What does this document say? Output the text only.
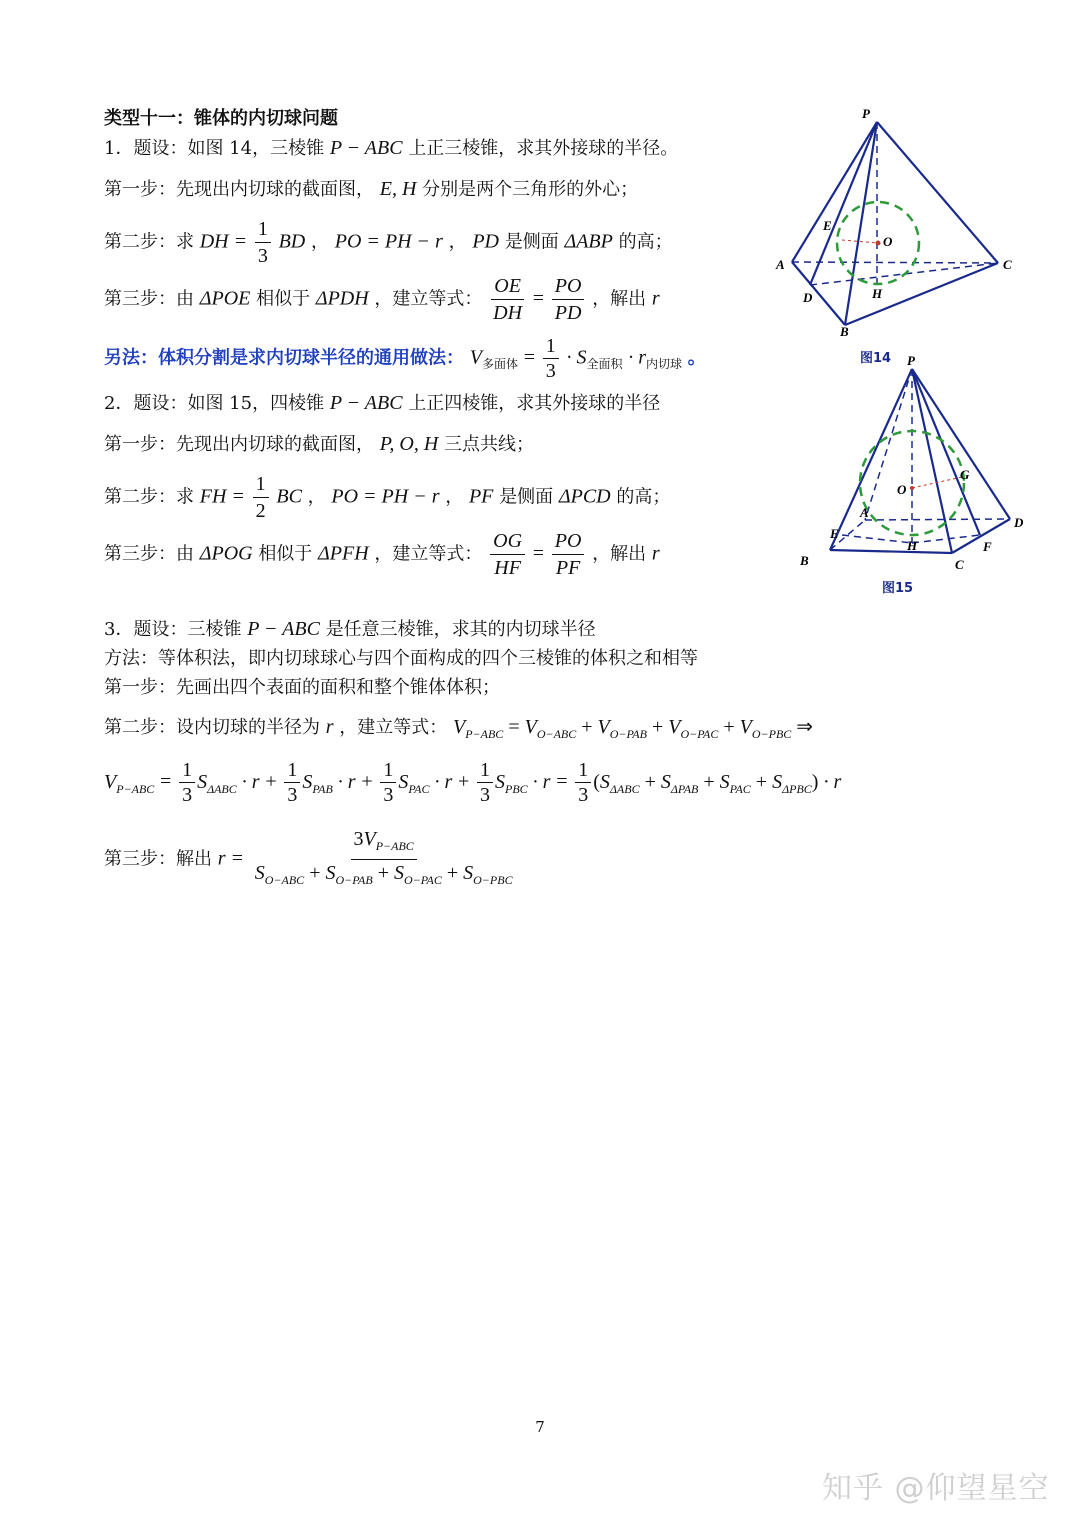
类型十一：锥体的内切球问题
1．题设：如图 14，三棱锥 P − ABC 上正三棱锥，求其外接球的半径。
第一步：先现出内切球的截面图， E, H 分别是两个三角形的外心；
第二步：求 DH = $\frac{1}{3}$ BD ， PO = PH − r ， PD 是侧面 ΔABP 的高；
第三步：由 ΔPOE 相似于 ΔPDH ，建立等式： $\frac{OE}{DH} = \frac{PO}{PD}$ ，解出 r
另法：体积分割是求内切球半径的通用做法： $V_{多面体} = \frac{1}{3} \cdot S_{全面积} \cdot r_{内切球}$ 。
2．题设：如图 15，四棱锥 P − ABC 上正四棱锥，求其外接球的半径
第一步：先现出内切球的截面图， P, O, H 三点共线；
第二步：求 FH = $\frac{1}{2}$ BC ， PO = PH − r ， PF 是侧面 ΔPCD 的高；
第三步：由 ΔPOG 相似于 ΔPFH ，建立等式： $\frac{OG}{HF} = \frac{PO}{PF}$ ，解出 r
3．题设：三棱锥 P − ABC 是任意三棱锥，求其的内切球半径
方法：等体积法，即内切球球心与四个面构成的四个三棱锥的体积之和相等
第一步：先画出四个表面的面积和整个锥体体积；
第二步：设内切球的半径为 r ，建立等式： $V_{P-ABC} = V_{O-ABC} + V_{O-PAB} + V_{O-PAC} + V_{O-PBC}$ ⇒
$V_{P-ABC} = \frac{1}{3} S_{\Delta ABC} \cdot r + \frac{1}{3} S_{PAB} \cdot r + \frac{1}{3} S_{PAC} \cdot r + \frac{1}{3} S_{PBC} \cdot r = \frac{1}{3} (S_{\Delta ABC} + S_{\Delta PAB} + S_{PAC} + S_{\Delta PBC}) \cdot r$
第三步：解出 $r = \frac{3V_{P-ABC}}{S_{O-ABC} + S_{O-PAB} + S_{O-PAC} + S_{O-PBC}}$
P
A
B
C
D
E
H
O
图14 P
A
B	C
D
E
F
G
H
O
图15
7
知乎 @仰望星空
